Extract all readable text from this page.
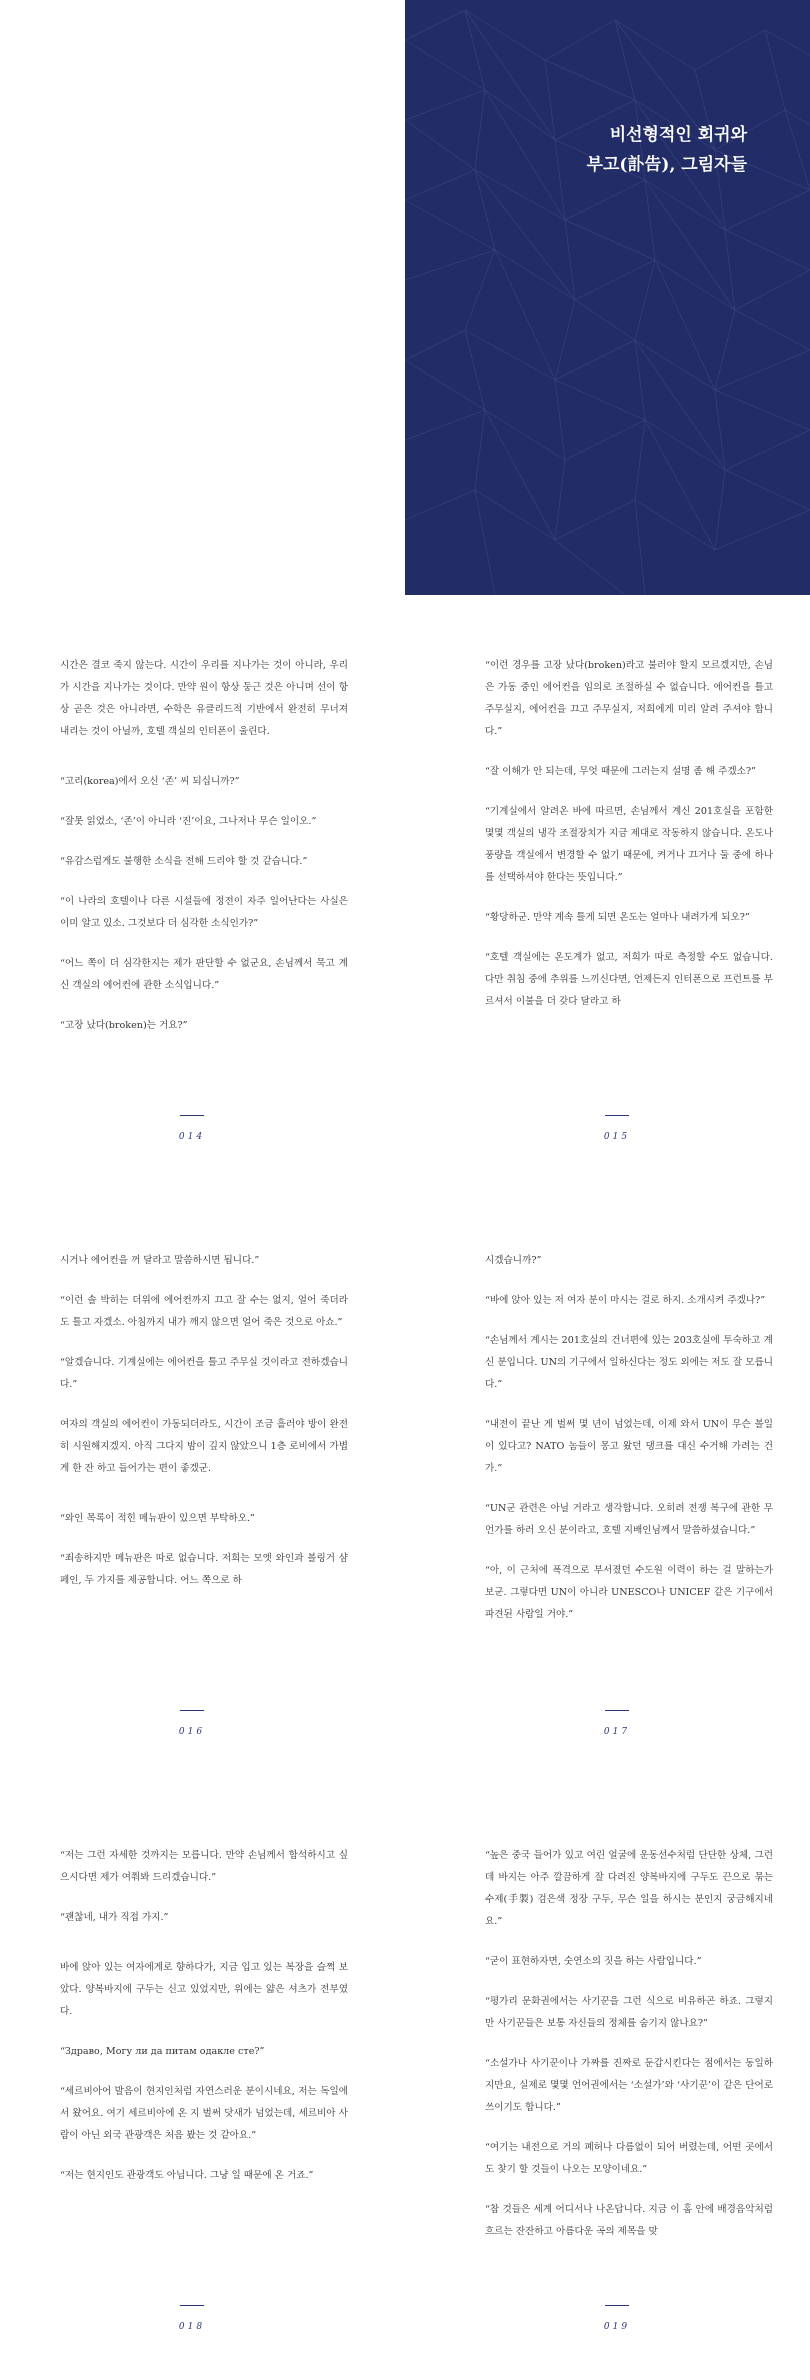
비선형적인 회귀와
부고(訃告), 그림자들

시간은 결코 죽지 않는다. 시간이 우리를 지나가는 것이 아니라, 우리가 시간을 지나가는 것이다. 만약 원이 항상 둥근 것은 아니며 선이 항상 곧은 것은 아니라면, 수학은 유클리드적 기반에서 완전히 무너져 내리는 것이 아닐까, 호텔 객실의 인터폰이 울린다.

“고리(korea)에서 오신 ‘존’ 씨 되십니까?”

“잘못 읽었소, ‘존’이 아니라 ‘진’이요, 그나저나 무슨 일이오.”

“유감스럽게도 불행한 소식을 전해 드리야 할 것 같습니다.”

“이 나라의 호텔이나 다른 시설들에 정전이 자주 일어난다는 사실은 이미 알고 있소. 그것보다 더 심각한 소식인가?”

“어느 쪽이 더 심각한지는 제가 판단할 수 없군요, 손님께서 묵고 계신 객실의 에어컨에 관한 소식입니다.”

“고장 났다(broken)는 거요?”

014

“이런 경우를 고장 났다(broken)라고 불러야 할지 모르겠지만, 손님은 가동 중인 에어컨을 임의로 조절하실 수 없습니다. 에어컨을 틀고 주무실지, 에어컨을 끄고 주무실지, 저희에게 미리 알려 주셔야 합니다.”

“잘 이해가 안 되는데, 무엇 때문에 그러는지 설명 좀 해 주겠소?”

“기계실에서 알려온 바에 따르면, 손님께서 계신 201호실을 포함한 몇몇 객실의 냉각 조절장치가 지금 제대로 작동하지 않습니다. 온도나 풍량을 객실에서 변경할 수 없기 때문에, 켜거나 끄거나 둘 중에 하나를 선택하셔야 한다는 뜻입니다.”

“황당하군. 만약 계속 틀게 되면 온도는 얼마나 내려가게 되오?”

“호텔 객실에는 온도계가 없고, 저희가 따로 측정할 수도 없습니다. 다만 취침 중에 추위를 느끼신다면, 언제든지 인터폰으로 프런트를 부르셔서 이불을 더 갖다 달라고 하

015

시거나 에어컨을 꺼 달라고 말씀하시면 됩니다.”

“이런 솔 박히는 더위에 에어컨까지 끄고 잘 수는 없지, 얼어 죽더라도 틀고 자겠소. 아침까지 내가 깨지 않으면 얼어 죽은 것으로 아쇼.”

“알겠습니다. 기계실에는 에어컨을 틀고 주무실 것이라고 전하겠습니다.”

여자의 객실의 에어컨이 가동되더라도, 시간이 조금 흘러야 방이 완전히 시원해지겠지. 아직 그다지 밤이 깊지 않았으니 1층 로비에서 가볍게 한 잔 하고 들어가는 편이 좋겠군.

“와인 목록이 적힌 메뉴판이 있으면 부탁하오.”

“죄송하지만 메뉴판은 따로 없습니다. 저희는 모엣 와인과 볼링거 샴페인, 두 가지를 제공합니다. 어느 쪽으로 하

016

시겠습니까?”

“바에 앉아 있는 저 여자 분이 마시는 걸로 하지. 소개시켜 주겠나?”

“손님께서 계시는 201호실의 건너편에 있는 203호실에 투숙하고 계신 분입니다. UN의 기구에서 일하신다는 정도 외에는 저도 잘 모릅니다.”

“내전이 끝난 게 벌써 몇 년이 넘었는데, 이제 와서 UN이 무슨 볼일이 있다고? NATO 놈들이 몽고 왔던 댕크를 대신 수거해 가려는 건가.”

“UN군 관련은 아닐 거라고 생각합니다. 오히려 전쟁 복구에 관한 무언가를 하러 오신 분이라고, 호텔 지배인님께서 말씀하셨습니다.”

“아, 이 근처에 폭격으로 부서졌던 수도원 이력이 하는 걸 말하는가 보군. 그렇다면 UN이 아니라 UNESCO나 UNICEF 같은 기구에서 파견된 사람일 거야.”

017

“저는 그런 자세한 것까지는 모릅니다. 만약 손님께서 합석하시고 싶으시다면 제가 여쭤봐 드리겠습니다.”

“괜찮네, 내가 직접 가지.”

바에 앉아 있는 여자에게로 향하다가, 지금 입고 있는 복장을 슬쩍 보았다. 양복바지에 구두는 신고 있었지만, 위에는 얇은 셔츠가 전부였다.

“Здраво, Могу ли да питам одакле сте?”

“세르비아어 발음이 현지인처럼 자연스러운 분이시네요, 저는 독일에서 왔어요. 여기 세르비아에 온 지 벌써 닷새가 넘었는데, 세르비아 사람이 아닌 외국 관광객은 처음 봤는 것 같아요.”

“저는 현지인도 관광객도 아닙니다. 그냥 일 때문에 온 거죠.”

018

“높은 중국 들어가 있고 여린 얼굴에 운동선수처럼 단단한 상체, 그런데 바지는 아주 깔끔하게 잘 다려진 양복바지에 구두도 끈으로 묶는 수제(手製) 검은색 정장 구두, 무슨 일을 하시는 분인지 궁금해지네요.”

“굳이 표현하자면, 숫연소의 짓을 하는 사람입니다.”

“평가리 문화권에서는 사기꾼을 그런 식으로 비유하곤 하죠. 그렇지만 사기꾼들은 보통 자신들의 정체를 숨기지 않나요?”

“소설가나 사기꾼이나 가짜를 진짜로 둔갑시킨다는 점에서는 동일하지만요, 실제로 몇몇 언어권에서는 ‘소설가’와 ‘사기꾼’이 같은 단어로 쓰이기도 합니다.”

“여기는 내전으로 거의 폐허나 다름없이 되어 버렸는데, 어떤 곳에서도 찾기 할 것들이 나오는 모양이네요.”

“참 것들은 세계 어디서나 나온답니다. 지금 이 홈 안에 배경음악처럼 흐르는 잔잔하고 아름다운 곡의 제목을 맞

019
